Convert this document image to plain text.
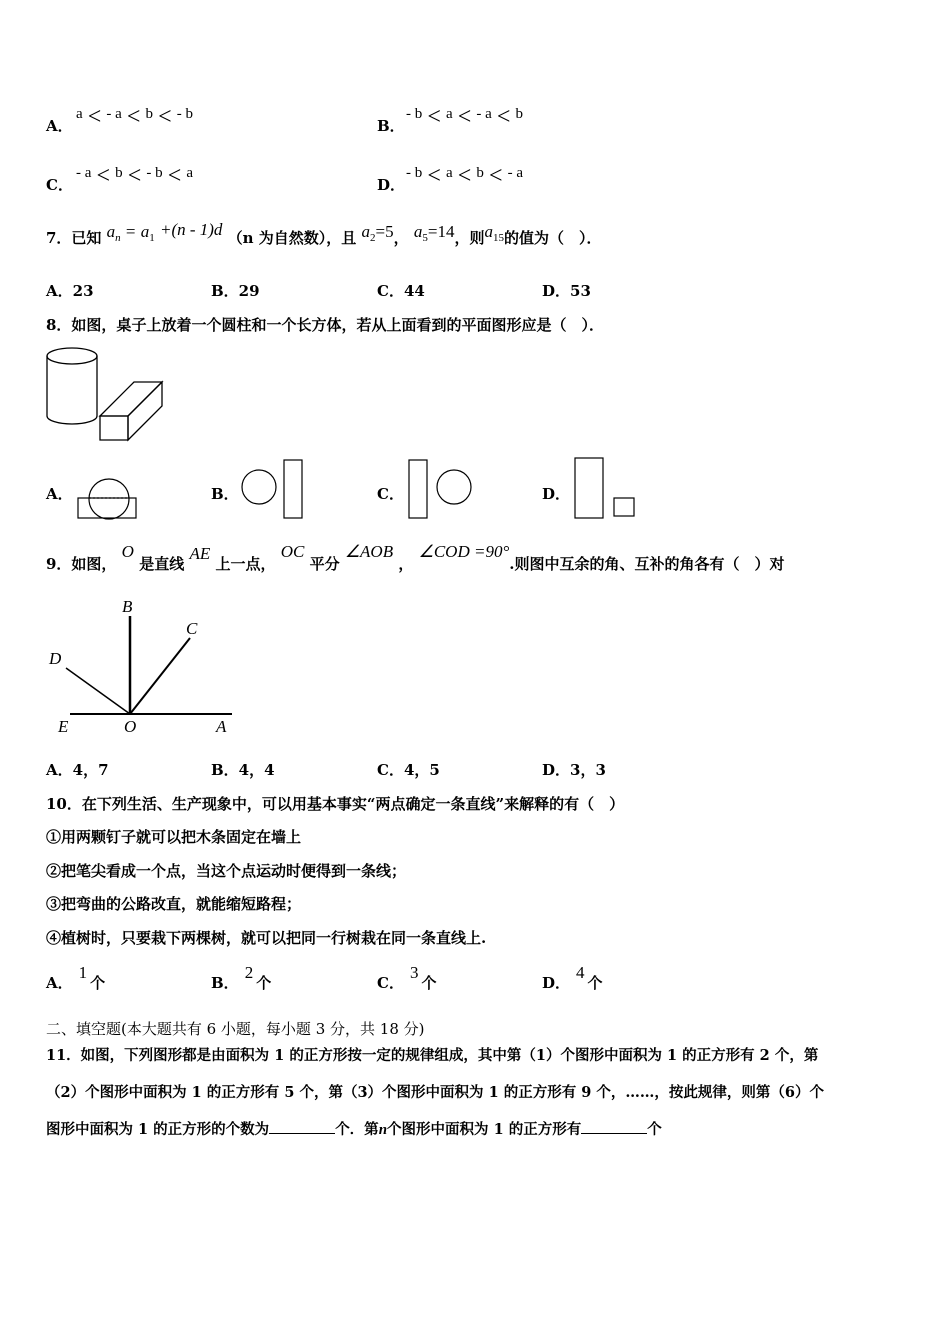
A．
a < - a < b < - b
B．
- b < a < - a < b
C．
- a < b < - b < a
D．
- b < a < b < - a
7．已知 $a_n = a_1 +(n - 1)d$ （n 为自然数），且 $a_2=5$， $a_5=14$，则$a_{15}$的值为（　）．
A．23	B．29	C．44	D．53
8．如图，桌子上放着一个圆柱和一个长方体，若从上面看到的平面图形应是（　）．
A．	B．	C．	D．
9．如图， O 是直线 AE 上一点， OC 平分 ∠AOB ， ∠COD =90°.则图中互余的角、互补的角各有（　）对
B
C
D
E	O	A
A．4，7	B．4，4	C．4，5	D．3，3
10．在下列生活、生产现象中，可以用基本事实“两点确定一条直线”来解释的有（　）
①用两颗钉子就可以把木条固定在墙上
②把笔尖看成一个点，当这个点运动时便得到一条线；
③把弯曲的公路改直，就能缩短路程；
④植树时，只要栽下两棵树，就可以把同一行树栽在同一条直线上.
A．1个	B．2个	C．3个	D．4个
二、填空题(本大题共有 6 小题，每小题 3 分，共 18 分)
11．如图，下列图形都是由面积为 1 的正方形按一定的规律组成，其中第（1）个图形中面积为 1 的正方形有 2 个，第
（2）个图形中面积为 1 的正方形有 5 个，第（3）个图形中面积为 1 的正方形有 9 个，……，按此规律，则第（6）个
图形中面积为 1 的正方形的个数为	个．第n个图形中面积为 1 的正方形有	个
